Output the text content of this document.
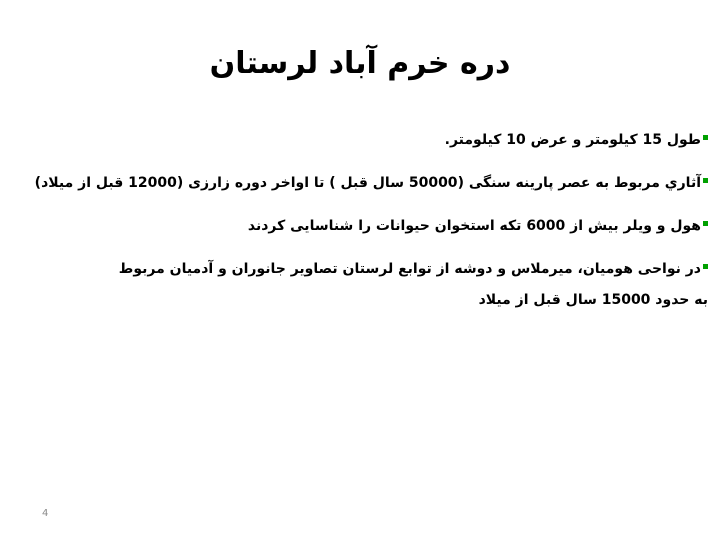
دره خرم آباد لرستان
طول 15 كيلومتر و عرض 10 كيلومتر.
آثاري مربوط به عصر پارينه سنگی (50000 سال قبل ) تا اواخر دوره زارزی (12000 قبل از میلاد)
هول و ويلر بيش از 6000 تکه استخوان حيوانات را شناسايی کردند
در نواحی هوميان، ميرملاس و دوشه از توابع لرستان تصاوير جانوران و آدميان مربوط
به حدود 15000 سال قبل از ميلاد
4
